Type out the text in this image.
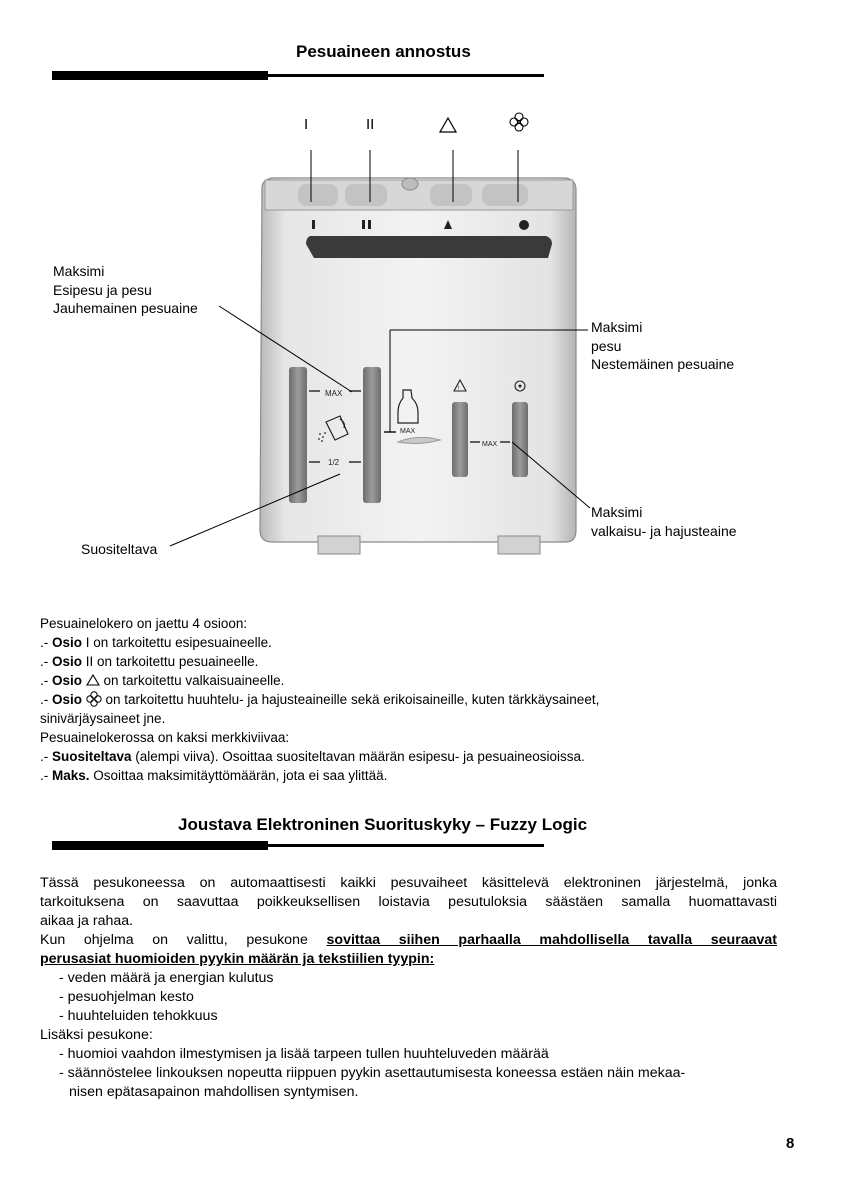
Pesuaineen annostus
I	II
MAX
1/2
MAX
!
MAX
Maksimi
Esipesu ja pesu
Jauhemainen pesuaine
Maksimi
pesu
Nestemäinen pesuaine
Maksimi
valkaisu- ja hajusteaine
Suositeltava
Pesuainelokero on jaettu 4 osioon:
.- Osio I on tarkoitettu esipesuaineelle.
.- Osio II on tarkoitettu pesuaineelle.
.- Osio  on tarkoitettu valkaisuaineelle.
.- Osio  on tarkoitettu huuhtelu- ja hajusteaineille sekä erikoisaineille, kuten tärkkäysaineet,
sinivärjäysaineet jne.
Pesuainelokerossa on kaksi merkkiviivaa:
.- Suositeltava (alempi viiva). Osoittaa suositeltavan määrän esipesu- ja pesuaineosioissa.
.- Maks. Osoittaa maksimitäyttömäärän, jota ei saa ylittää.
Joustava Elektroninen Suorituskyky – Fuzzy Logic
Tässä pesukoneessa on automaattisesti kaikki pesuvaiheet käsittelevä elektroninen järjestelmä, jonka
tarkoituksena on saavuttaa poikkeuksellisen loistavia pesutuloksia säästäen samalla huomattavasti
aikaa ja rahaa.
Kun ohjelma on valittu, pesukone sovittaa siihen parhaalla mahdollisella tavalla seuraavat
perusasiat huomioiden pyykin määrän ja tekstiilien tyypin:
- veden määrä ja energian kulutus
- pesuohjelman kesto
- huuhteluiden tehokkuus
Lisäksi pesukone:
- huomioi vaahdon ilmestymisen ja lisää tarpeen tullen huuhteluveden määrää
- säännöstelee linkouksen nopeutta riippuen pyykin asettautumisesta koneessa estäen näin mekaa-
nisen epätasapainon mahdollisen syntymisen.
8
